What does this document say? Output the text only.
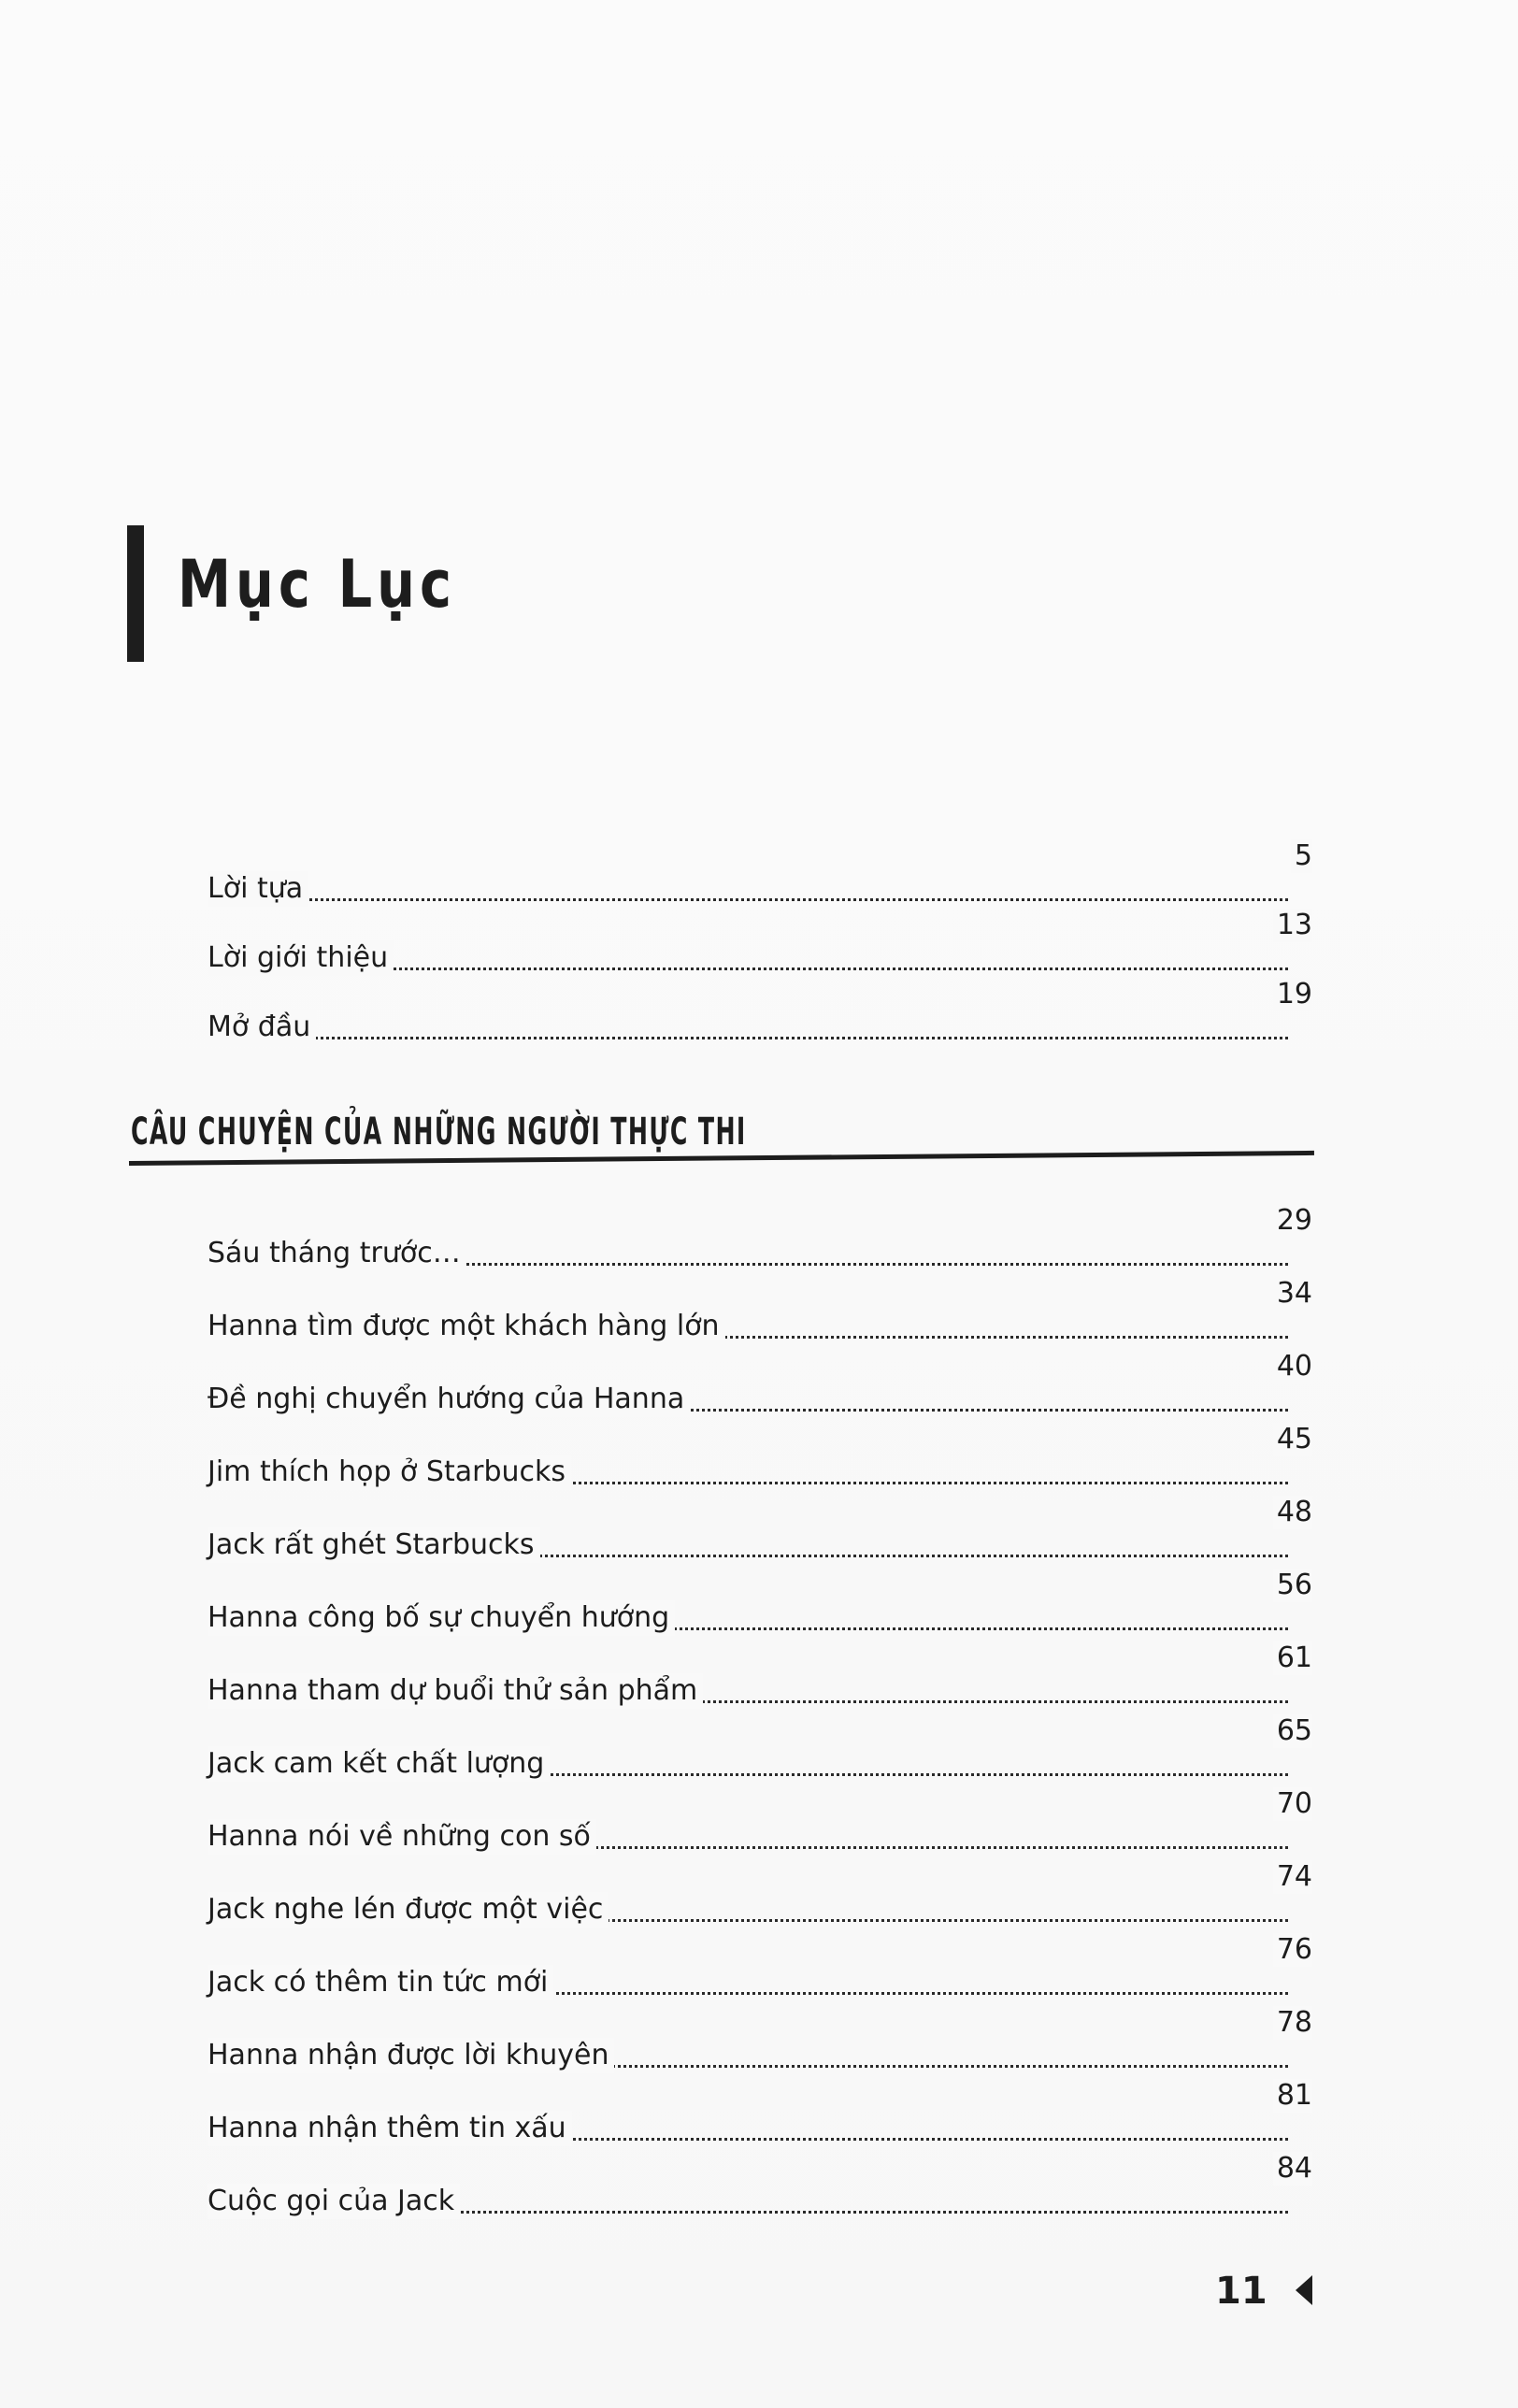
Mục Lục
Lời tựa
5
Lời giới thiệu
13
Mở đầu
19
CÂU CHUYỆN CỦA NHỮNG NGƯỜI THỰC THI
Sáu tháng trước…
29
Hanna tìm được một khách hàng lớn
34
Đề nghị chuyển hướng của Hanna
40
Jim thích họp ở Starbucks
45
Jack rất ghét Starbucks
48
Hanna công bố sự chuyển hướng
56
Hanna tham dự buổi thử sản phẩm
61
Jack cam kết chất lượng
65
Hanna nói về những con số
70
Jack nghe lén được một việc
74
Jack có thêm tin tức mới
76
Hanna nhận được lời khuyên
78
Hanna nhận thêm tin xấu
81
Cuộc gọi của Jack
84
11
